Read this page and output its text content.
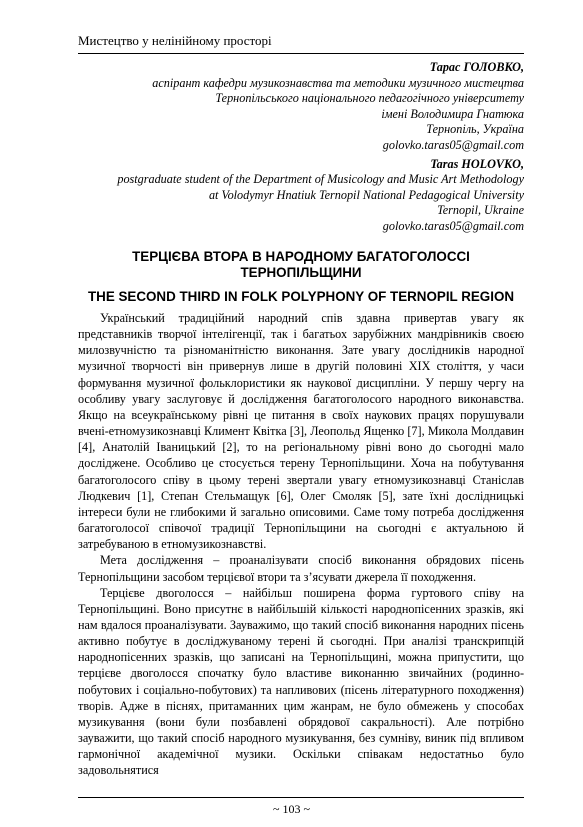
Мистецтво у нелінійному просторі
Тарас ГОЛОВКО,
аспірант кафедри музикознавства та методики музичного мистецтва
Тернопільського національного педагогічного університету
імені Володимира Гнатюка
Тернопіль, Україна
golovko.taras05@gmail.com
Taras HOLOVKO,
postgraduate student of the Department of Musicology and Music Art Methodology
at Volodymyr Hnatiuk Ternopil National Pedagogical University
Ternopil, Ukraine
golovko.taras05@gmail.com
ТЕРЦІЄВА ВТОРА В НАРОДНОМУ БАГАТОГОЛОССІ ТЕРНОПІЛЬЩИНИ
THE SECOND THIRD IN FOLK POLYPHONY OF TERNOPIL REGION

Український традиційний народний спів здавна привертав увагу як представників творчої інтелігенції, так і багатьох зарубіжних мандрівників своєю милозвучністю та різноманітністю виконання. Зате увагу дослідників народної музичної творчості він привернув лише в другій половині XIX століття, у часи формування музичної фольклористики як наукової дисципліни. У першу чергу на особливу увагу заслуговує й дослідження багатоголосого народного виконавства. Якщо на всеукраїнському рівні це питання в своїх наукових працях порушували вчені-етномузикознавці Климент Квітка [3], Леопольд Ященко [7], Микола Молдавин [4], Анатолій Іваницький [2], то на регіональному рівні воно до сьогодні мало досліджене. Особливо це стосується терену Тернопільщини. Хоча на побутування багатоголосого співу в цьому терені звертали увагу етномузикознавці Станіслав Людкевич [1], Степан Стельмащук [6], Олег Смоляк [5], зате їхні дослідницькі інтереси були не глибокими й загально описовими. Саме тому потреба дослідження багатоголосої співочої традиції Тернопільщини на сьогодні є актуальною й затребуваною в етномузикознавстві.

Мета дослідження – проаналізувати спосіб виконання обрядових пісень Тернопільщини засобом терцієвої втори та з’ясувати джерела її походження.

Терцієве двоголосся – найбільш поширена форма гуртового співу на Тернопільщині. Воно присутнє в найбільшій кількості народнопісенних зразків, які нам вдалося проаналізувати. Зауважимо, що такий спосіб виконання народних пісень активно побутує в досліджуваному терені й сьогодні. При аналізі транскрипцій народнопісенних зразків, що записані на Тернопільщині, можна припустити, що терцієве двоголосся спочатку було властиве виконанню звичайних (родинно-побутових і соціально-побутових) та напливових (пісень літературного походження) творів. Адже в піснях, притаманних цим жанрам, не було обмежень у способах музикування (вони були позбавлені обрядової сакральності). Але потрібно зауважити, що такий спосіб народного музикування, без сумніву, виник під впливом гармонічної академічної музики. Оскільки співакам недостатньо було задовольнятися

~ 103 ~
